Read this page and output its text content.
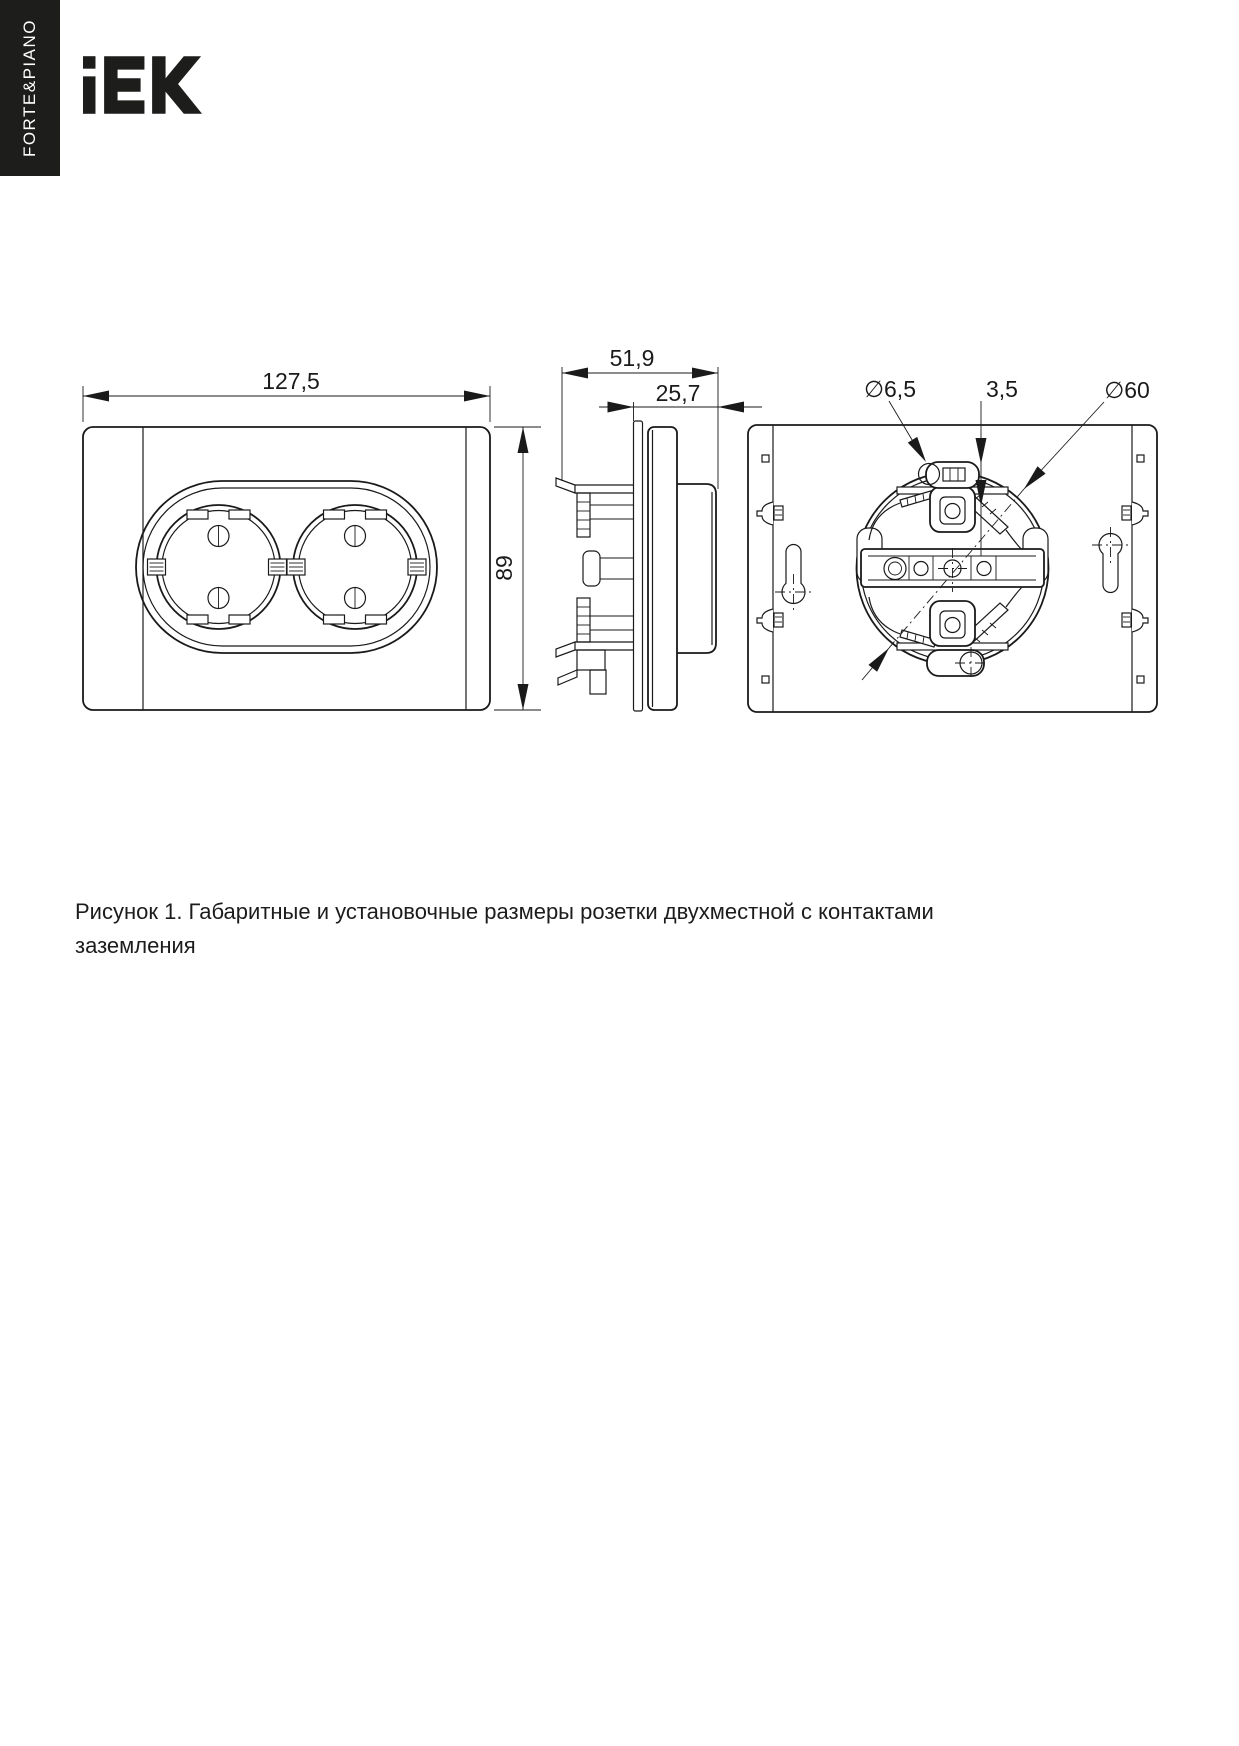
FORTE&PIANO
127,5
89
51,9
25,7	∅6,5	3,5	∅60
Рисунок 1. Габаритные и установочные размеры розетки двухместной с контактами
заземления
